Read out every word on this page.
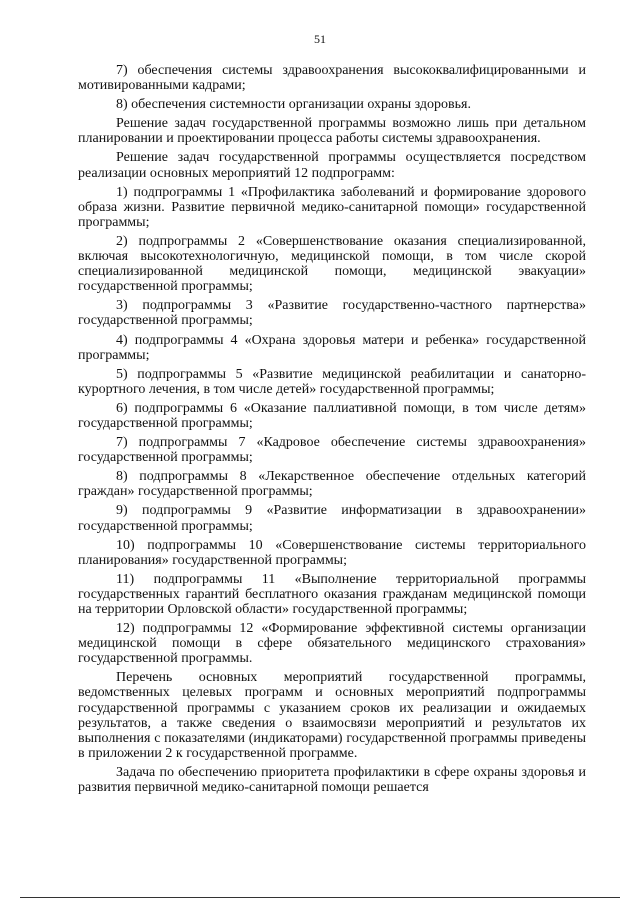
51

7) обеспечения системы здравоохранения высококвалифицированными и мотивированными кадрами;

8) обеспечения системности организации охраны здоровья.

Решение задач государственной программы возможно лишь при детальном планировании и проектировании процесса работы системы здравоохранения.

Решение задач государственной программы осуществляется посредством реализации основных мероприятий 12 подпрограмм:

1) подпрограммы 1 «Профилактика заболеваний и формирование здорового образа жизни. Развитие первичной медико-санитарной помощи» государственной программы;

2) подпрограммы 2 «Совершенствование оказания специализированной, включая высокотехнологичную, медицинской помощи, в том числе скорой специализированной медицинской помощи, медицинской эвакуации» государственной программы;

3) подпрограммы 3 «Развитие государственно-частного партнерства» государственной программы;

4) подпрограммы 4 «Охрана здоровья матери и ребенка» государственной программы;

5) подпрограммы 5 «Развитие медицинской реабилитации и санаторно-курортного лечения, в том числе детей» государственной программы;

6) подпрограммы 6 «Оказание паллиативной помощи, в том числе детям» государственной программы;

7) подпрограммы 7 «Кадровое обеспечение системы здравоохранения» государственной программы;

8) подпрограммы 8 «Лекарственное обеспечение отдельных категорий граждан» государственной программы;

9) подпрограммы 9 «Развитие информатизации в здравоохранении» государственной программы;

10) подпрограммы 10 «Совершенствование системы территориального планирования» государственной программы;

11) подпрограммы 11 «Выполнение территориальной программы государственных гарантий бесплатного оказания гражданам медицинской помощи на территории Орловской области» государственной программы;

12) подпрограммы 12 «Формирование эффективной системы организации медицинской помощи в сфере обязательного медицинского страхования» государственной программы.

Перечень основных мероприятий государственной программы, ведомственных целевых программ и основных мероприятий подпрограммы государственной программы с указанием сроков их реализации и ожидаемых результатов, а также сведения о взаимосвязи мероприятий и результатов их выполнения с показателями (индикаторами) государственной программы приведены в приложении 2 к государственной программе.

Задача по обеспечению приоритета профилактики в сфере охраны здоровья и развития первичной медико-санитарной помощи решается
